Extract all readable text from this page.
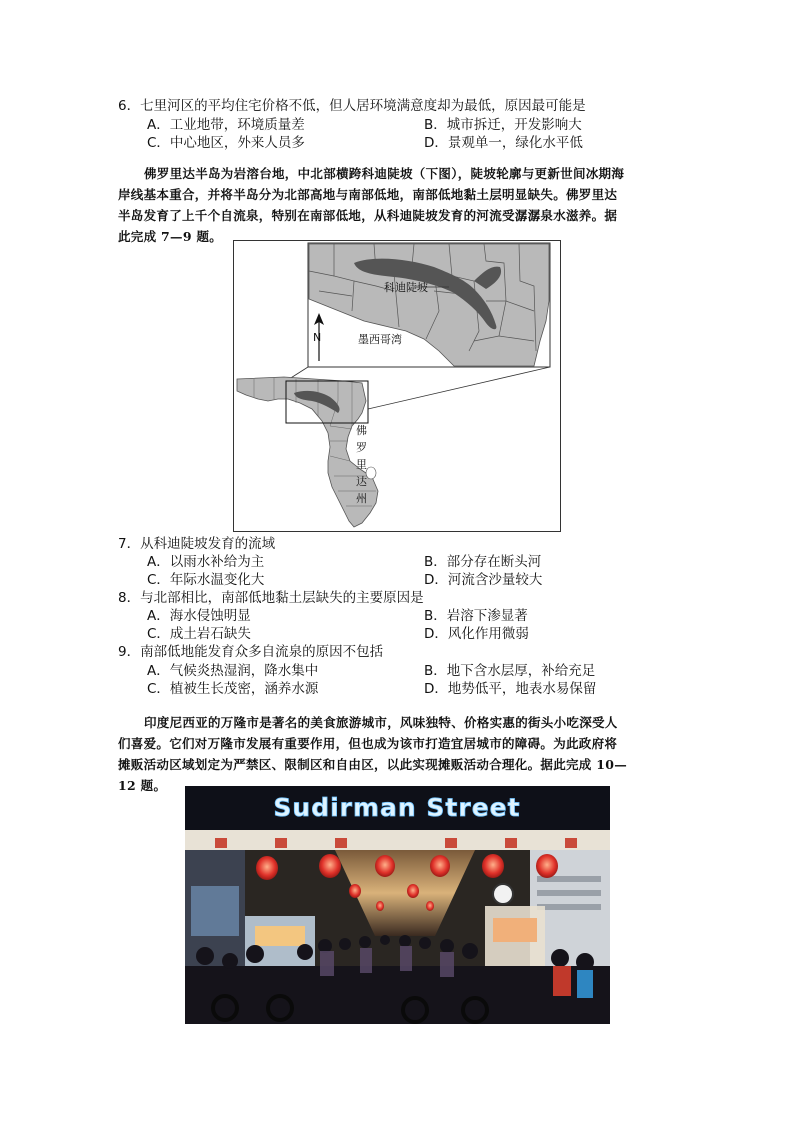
6．七里河区的平均住宅价格不低，但人居环境满意度却为最低，原因最可能是
A．工业地带，环境质量差	B．城市拆迁，开发影响大
C．中心地区，外来人员多	D．景观单一，绿化水平低
佛罗里达半岛为岩溶台地，中北部横跨科迪陡坡（下图），陡坡轮廓与更新世间冰期海
岸线基本重合，并将半岛分为北部高地与南部低地，南部低地黏土层明显缺失。佛罗里达
半岛发育了上千个自流泉，特别在南部低地，从科迪陡坡发育的河流受潺潺泉水滋养。据
此完成 7—9 题。
科迪陡坡
N	墨西哥湾
佛
罗
里
达
州
7．从科迪陡坡发育的流域
A．以雨水补给为主	B．部分存在断头河
C．年际水温变化大	D．河流含沙量较大
8．与北部相比，南部低地黏土层缺失的主要原因是
A．海水侵蚀明显	B．岩溶下渗显著
C．成土岩石缺失	D．风化作用微弱
9．南部低地能发育众多自流泉的原因不包括
A．气候炎热湿润，降水集中	B．地下含水层厚，补给充足
C．植被生长茂密，涵养水源	D．地势低平，地表水易保留
印度尼西亚的万隆市是著名的美食旅游城市，风味独特、价格实惠的街头小吃深受人
们喜爱。它们对万隆市发展有重要作用，但也成为该市打造宜居城市的障碍。为此政府将
摊贩活动区域划定为严禁区、限制区和自由区，以此实现摊贩活动合理化。据此完成 10—
12 题。
Sudirman Street
